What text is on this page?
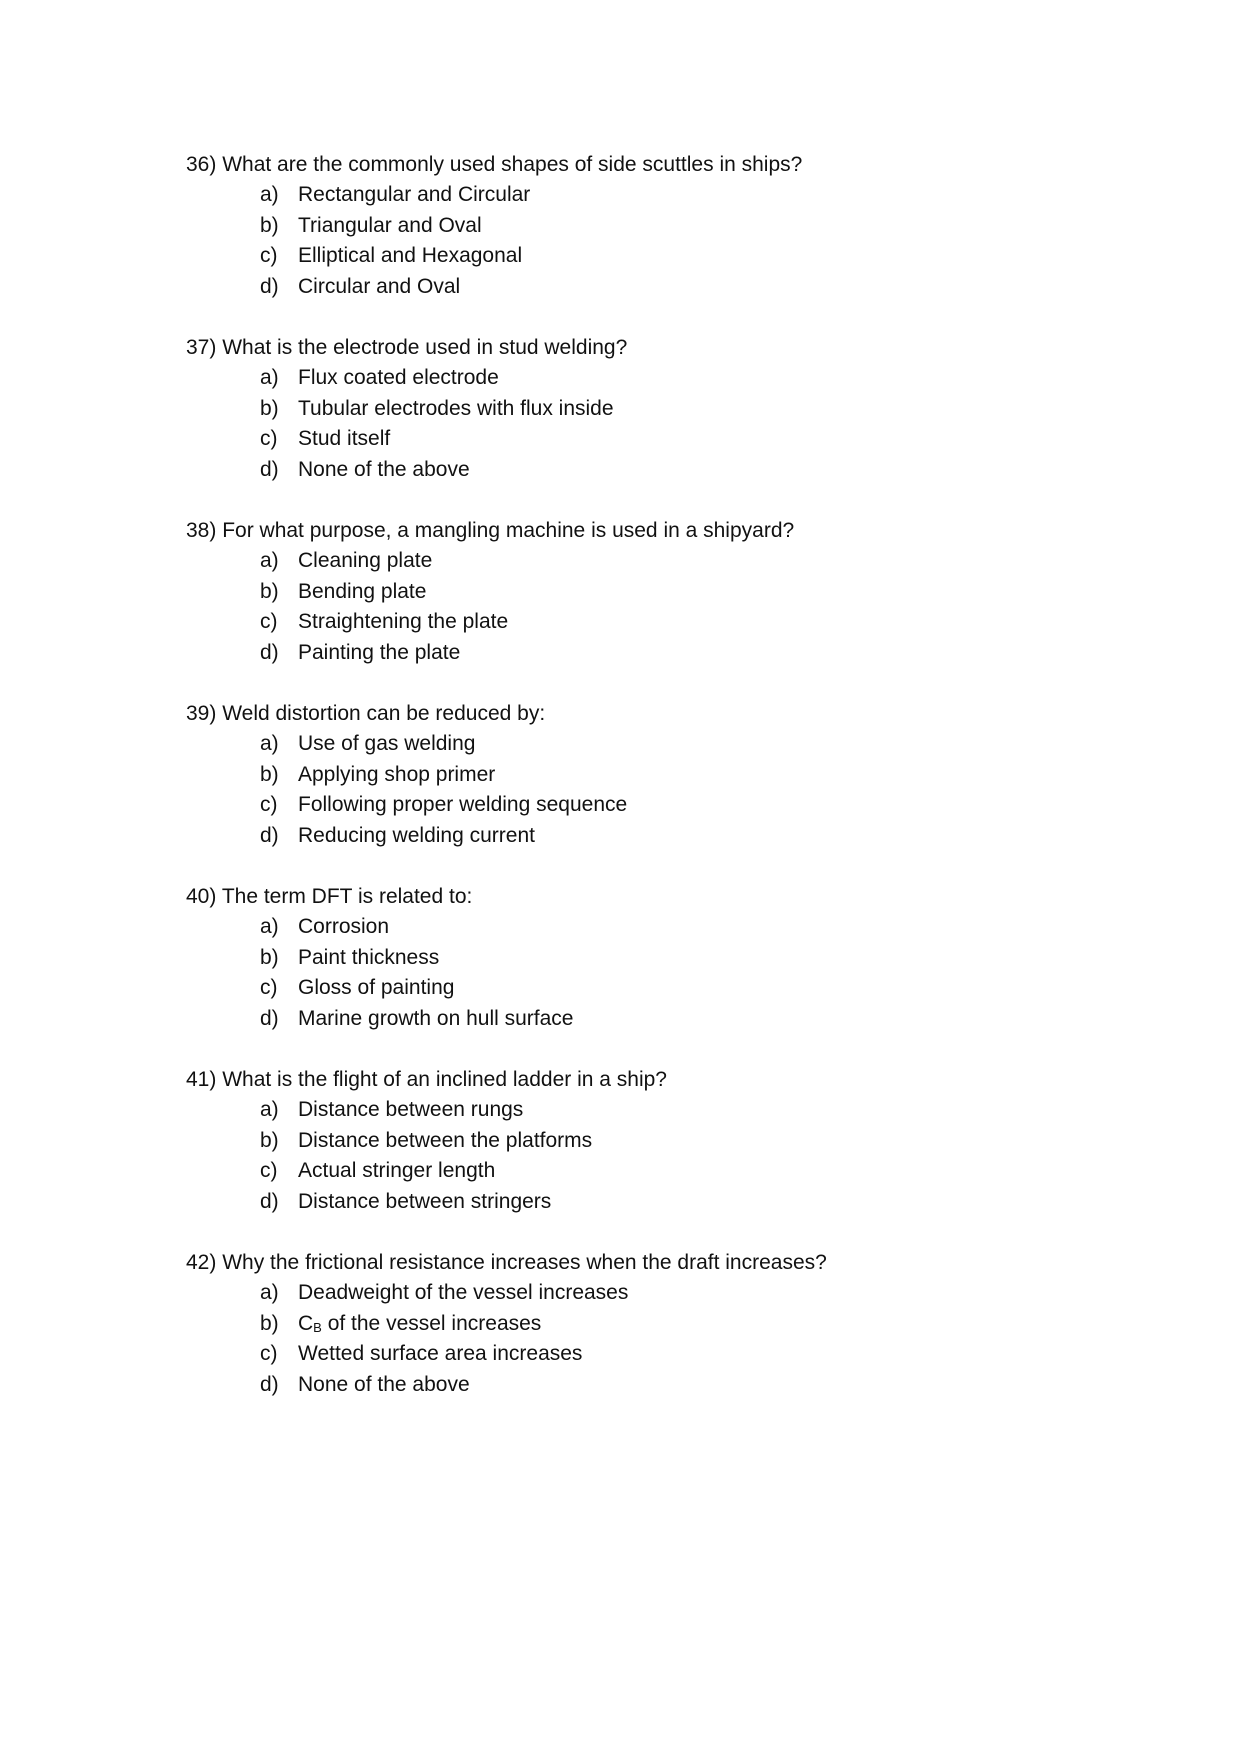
36) What are the commonly used shapes of side scuttles in ships?
a) Rectangular and Circular
b) Triangular and Oval
c) Elliptical and Hexagonal
d) Circular and Oval
37) What is the electrode used in stud welding?
a) Flux coated electrode
b) Tubular electrodes with flux inside
c) Stud itself
d) None of the above
38) For what purpose, a mangling machine is used in a shipyard?
a) Cleaning plate
b) Bending plate
c) Straightening the plate
d) Painting the plate
39) Weld distortion can be reduced by:
a) Use of gas welding
b) Applying shop primer
c) Following proper welding sequence
d) Reducing welding current
40) The term DFT is related to:
a) Corrosion
b) Paint thickness
c) Gloss of painting
d) Marine growth on hull surface
41) What is the flight of an inclined ladder in a ship?
a) Distance between rungs
b) Distance between the platforms
c) Actual stringer length
d) Distance between stringers
42) Why the frictional resistance increases when the draft increases?
a) Deadweight of the vessel increases
b) CB of the vessel increases
c) Wetted surface area increases
d) None of the above
